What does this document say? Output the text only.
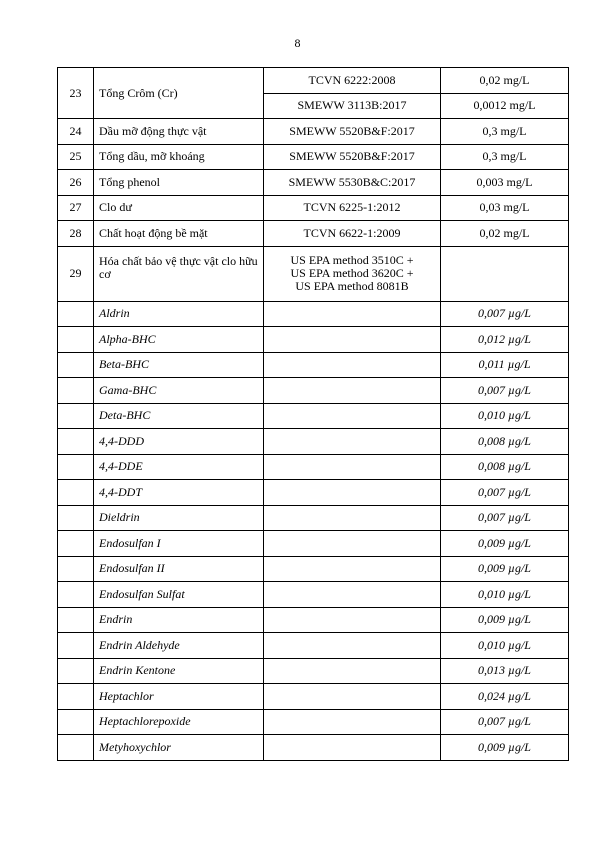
8
23	Tổng Crôm (Cr)	TCVN 6222:2008	0,02 mg/L
		SMEWW 3113B:2017	0,0012 mg/L
24	Dầu mỡ động thực vật	SMEWW 5520B&F:2017	0,3 mg/L
25	Tổng dầu, mỡ khoáng	SMEWW 5520B&F:2017	0,3 mg/L
26	Tổng phenol	SMEWW 5530B&C:2017	0,003 mg/L
27	Clo dư	TCVN 6225-1:2012	0,03 mg/L
28	Chất hoạt động bề mặt	TCVN 6622-1:2009	0,02 mg/L
29	Hóa chất bảo vệ thực vật clo hữu cơ	US EPA method 3510C +
US EPA method 3620C +
US EPA method 8081B	

	Aldrin		0,007 µg/L
	Alpha-BHC		0,012 µg/L
	Beta-BHC		0,011 µg/L
	Gama-BHC		0,007 µg/L
	Deta-BHC		0,010 µg/L
	4,4-DDD		0,008 µg/L
	4,4-DDE		0,008 µg/L
	4,4-DDT		0,007 µg/L
	Dieldrin		0,007 µg/L
	Endosulfan I		0,009 µg/L
	Endosulfan II		0,009 µg/L
	Endosulfan Sulfat		0,010 µg/L
	Endrin		0,009 µg/L
	Endrin Aldehyde		0,010 µg/L
	Endrin Kentone		0,013 µg/L
	Heptachlor		0,024 µg/L
	Heptachlorepoxide		0,007 µg/L
	Metyhoxychlor		0,009 µg/L
